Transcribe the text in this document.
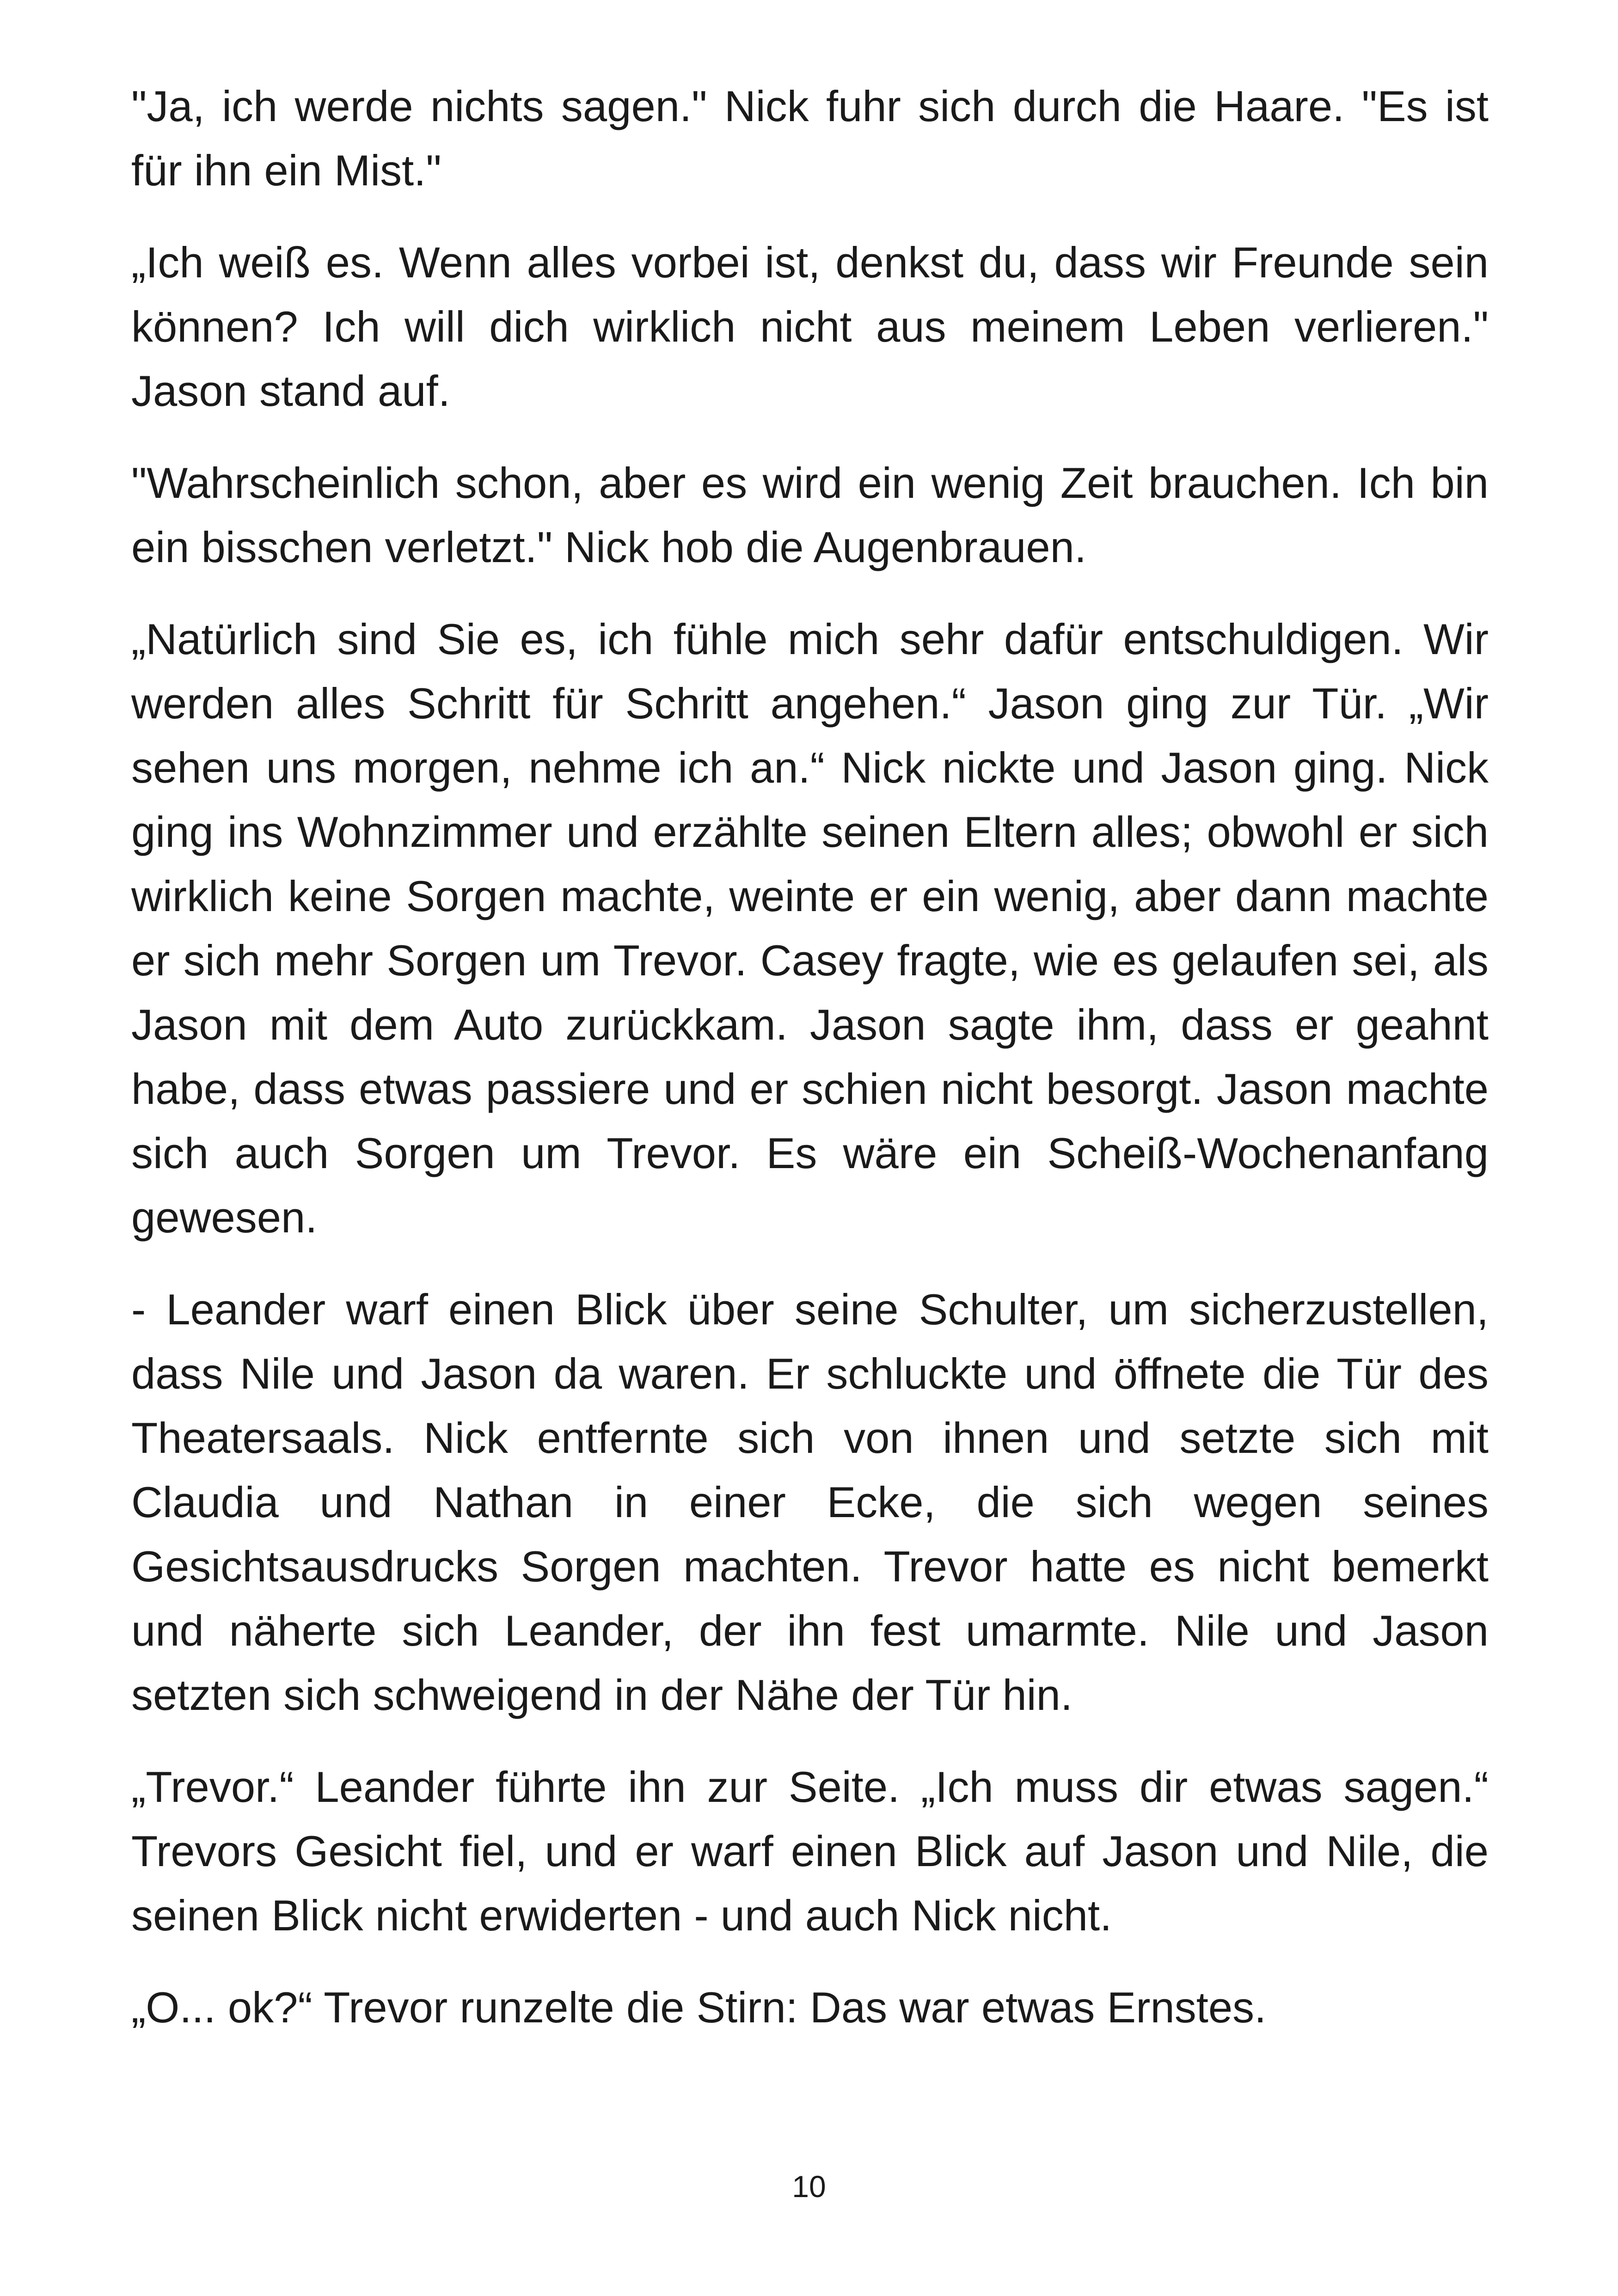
"Ja, ich werde nichts sagen." Nick fuhr sich durch die Haare. "Es ist für ihn ein Mist."

„Ich weiß es. Wenn alles vorbei ist, denkst du, dass wir Freunde sein können? Ich will dich wirklich nicht aus meinem Leben verlieren." Jason stand auf.

"Wahrscheinlich schon, aber es wird ein wenig Zeit brauchen. Ich bin ein bisschen verletzt." Nick hob die Augenbrauen.

„Natürlich sind Sie es, ich fühle mich sehr dafür entschuldigen. Wir werden alles Schritt für Schritt angehen.“ Jason ging zur Tür. „Wir sehen uns morgen, nehme ich an.“ Nick nickte und Jason ging. Nick ging ins Wohnzimmer und erzählte seinen Eltern alles; obwohl er sich wirklich keine Sorgen machte, weinte er ein wenig, aber dann machte er sich mehr Sorgen um Trevor. Casey fragte, wie es gelaufen sei, als Jason mit dem Auto zurückkam. Jason sagte ihm, dass er geahnt habe, dass etwas passiere und er schien nicht besorgt. Jason machte sich auch Sorgen um Trevor. Es wäre ein Scheiß-Wochenanfang gewesen.

- Leander warf einen Blick über seine Schulter, um sicherzustellen, dass Nile und Jason da waren. Er schluckte und öffnete die Tür des Theatersaals. Nick entfernte sich von ihnen und setzte sich mit Claudia und Nathan in einer Ecke, die sich wegen seines Gesichtsausdrucks Sorgen machten. Trevor hatte es nicht bemerkt und näherte sich Leander, der ihn fest umarmte. Nile und Jason setzten sich schweigend in der Nähe der Tür hin.

„Trevor.“ Leander führte ihn zur Seite. „Ich muss dir etwas sagen.“ Trevors Gesicht fiel, und er warf einen Blick auf Jason und Nile, die seinen Blick nicht erwiderten - und auch Nick nicht.

„O... ok?“ Trevor runzelte die Stirn: Das war etwas Ernstes.

10
